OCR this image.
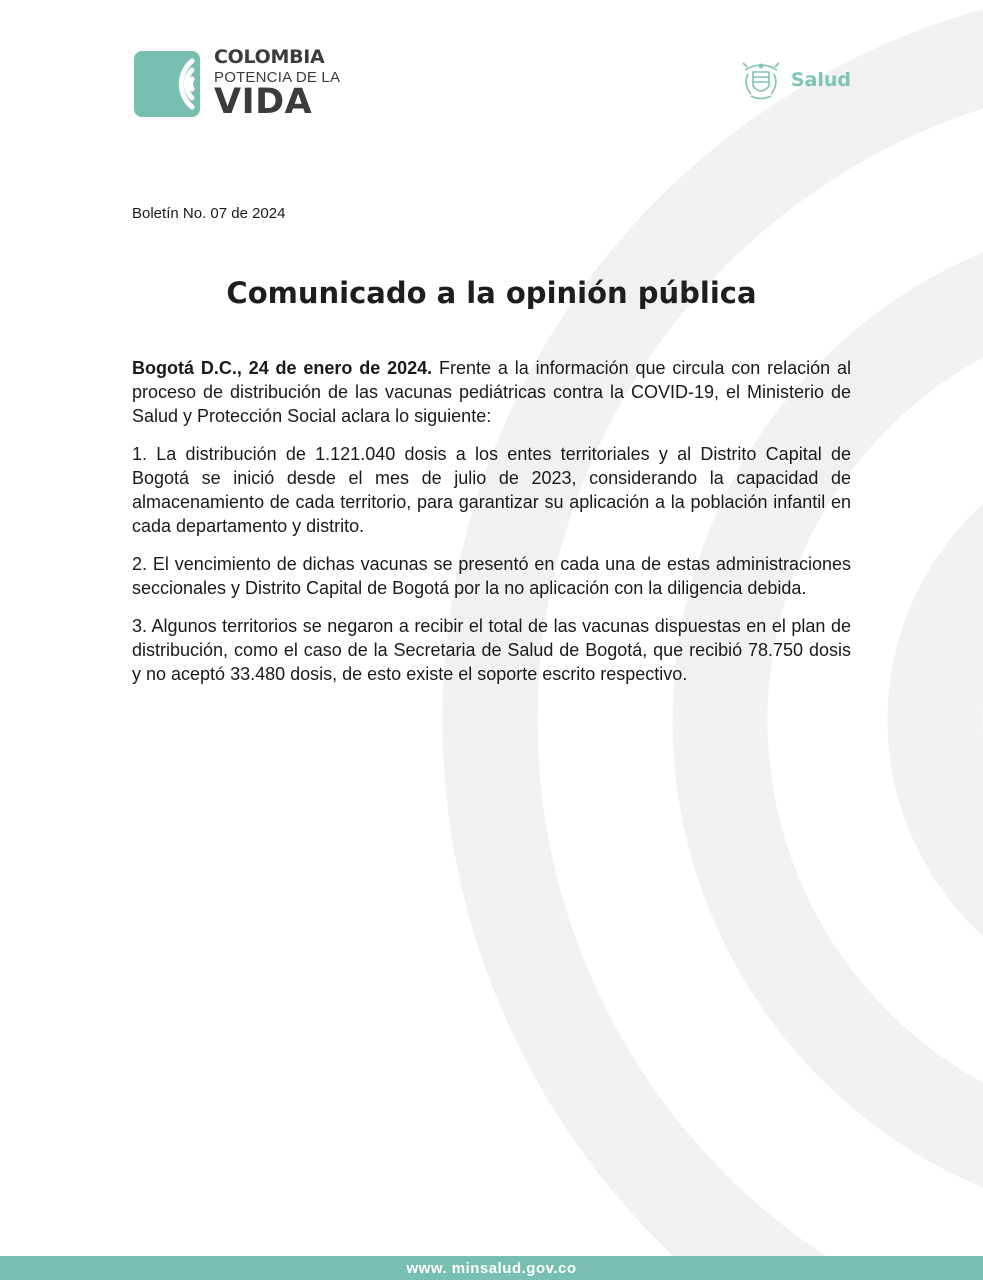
COLOMBIA
POTENCIA DE LA
VIDA
Salud
Boletín No. 07 de 2024
Comunicado a la opinión pública

Bogotá D.C., 24 de enero de 2024. Frente a la información que circula con relación al proceso de distribución de las vacunas pediátricas contra la COVID-19, el Ministerio de Salud y Protección Social aclara lo siguiente:

1. La distribución de 1.121.040 dosis a los entes territoriales y al Distrito Capital de Bogotá se inició desde el mes de julio de 2023, considerando la capacidad de almacenamiento de cada territorio, para garantizar su aplicación a la población infantil en cada departamento y distrito.

2. El vencimiento de dichas vacunas se presentó en cada una de estas administraciones seccionales y Distrito Capital de Bogotá por la no aplicación con la diligencia debida.

3. Algunos territorios se negaron a recibir el total de las vacunas dispuestas en el plan de distribución, como el caso de la Secretaria de Salud de Bogotá, que recibió 78.750 dosis y no aceptó 33.480 dosis, de esto existe el soporte escrito respectivo.

www. minsalud.gov.co
